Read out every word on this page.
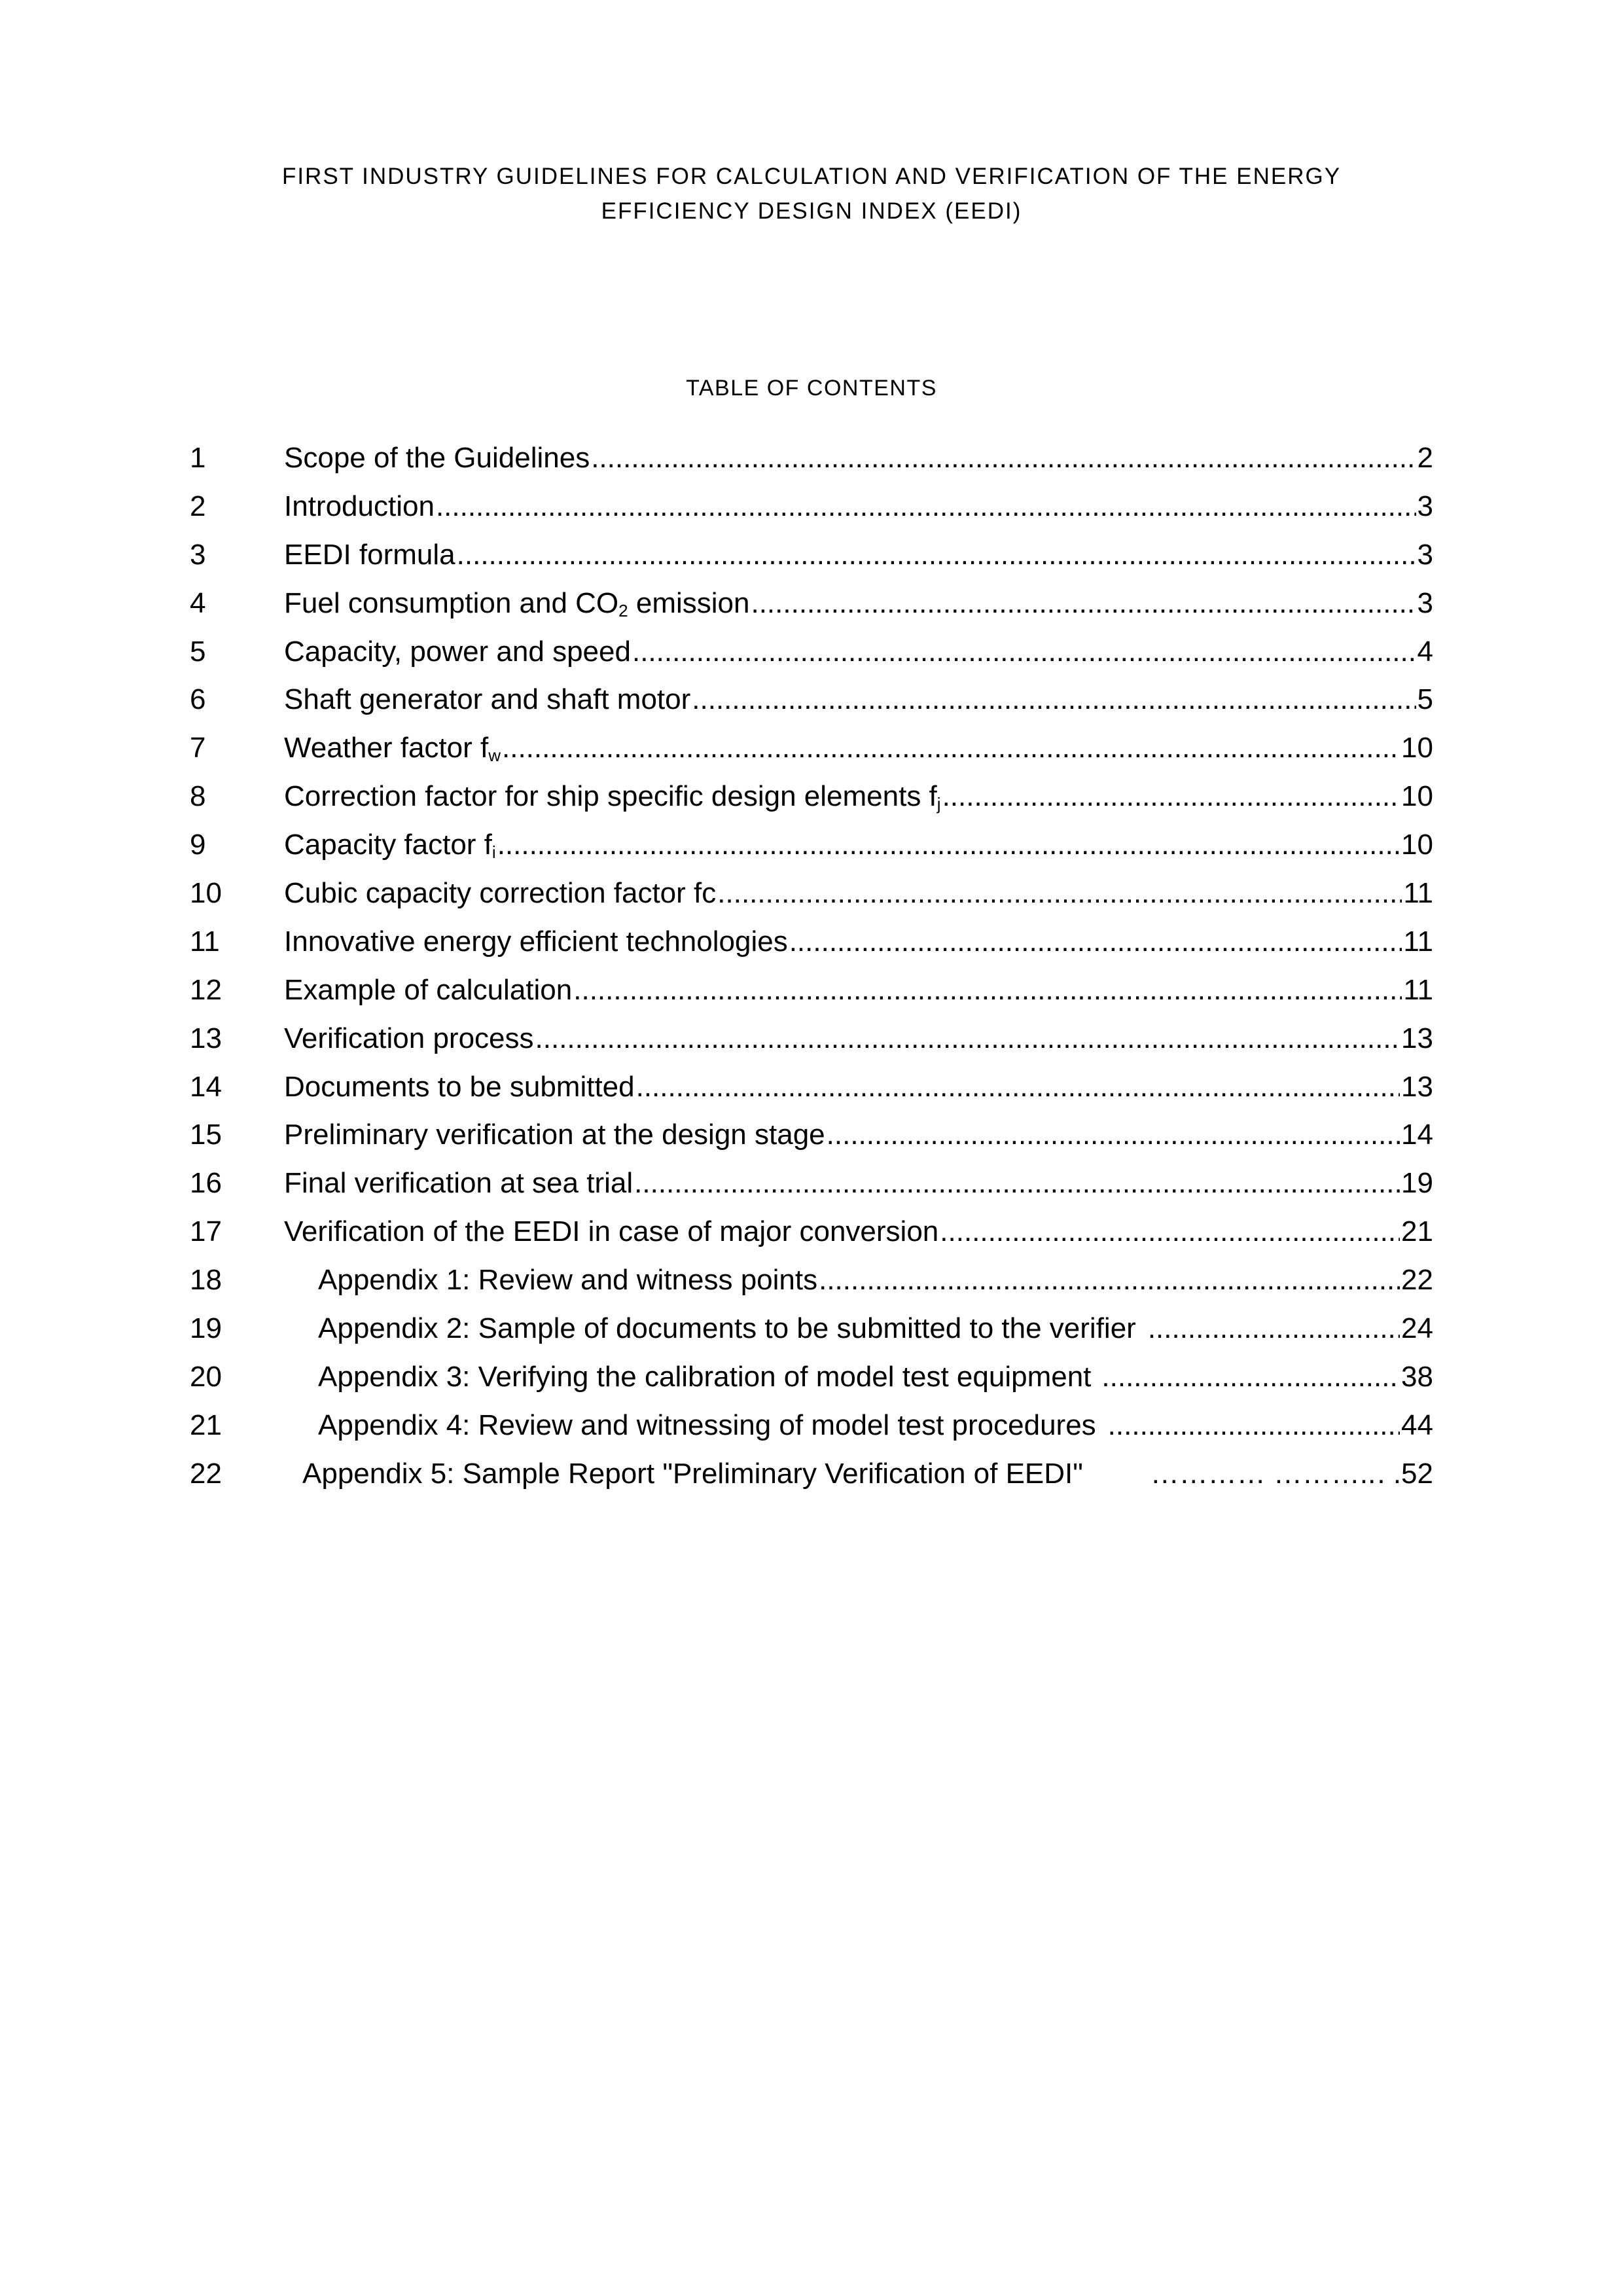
FIRST INDUSTRY GUIDELINES FOR CALCULATION AND VERIFICATION OF THE ENERGY
EFFICIENCY DESIGN INDEX (EEDI)
TABLE OF CONTENTS
1	Scope of the Guidelines .....	2
2	Introduction .....	3
3	EEDI formula .....	3
4	Fuel consumption and $CO_2$ emission .....	3
5	Capacity, power and speed .....	4
6	Shaft generator and shaft motor .....	5
7	Weather factor $f_w$ .....	10
8	Correction factor for ship specific design elements $f_j$ .....	10
9	Capacity factor $f_i$ .....	10
10	Cubic capacity correction factor fc .....	11
11	Innovative energy efficient technologies .....	11
12	Example of calculation .....	11
13	Verification process .....	13
14	Documents to be submitted .....	13
15	Preliminary verification at the design stage .....	14
16	Final verification at sea trial .....	19
17	Verification of the EEDI in case of major conversion .....	21
18	Appendix 1: Review and witness points .....	22
19	Appendix 2: Sample of documents to be submitted to the verifier .....	24
20	Appendix 3: Verifying the calibration of model test equipment .....	38
21	Appendix 4: Review and witnessing of model test procedures .....	44
22	Appendix 5: Sample Report "Preliminary Verification of EEDI"	………… ……….. . .52
